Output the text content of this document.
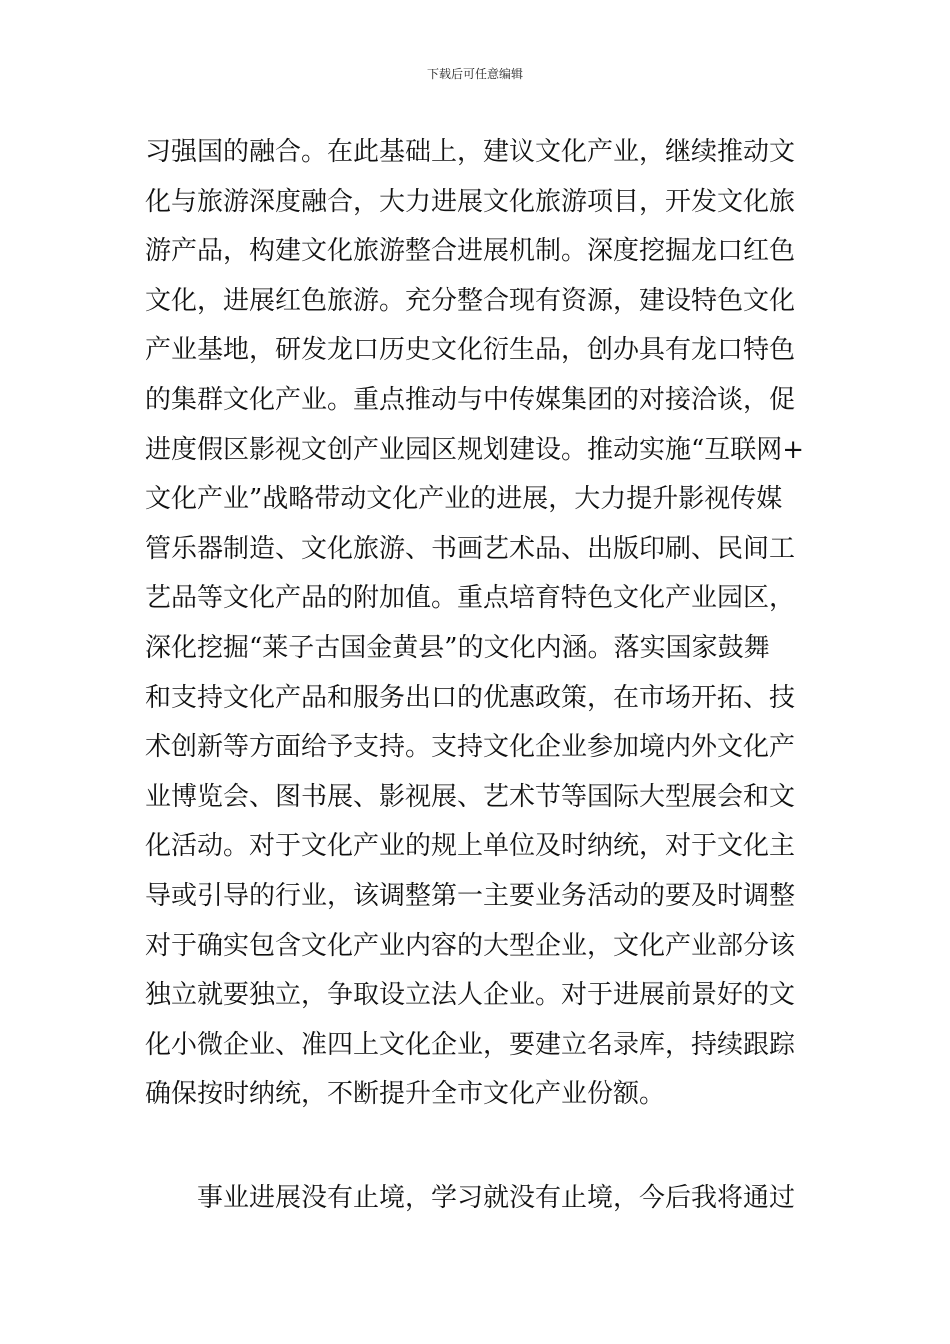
下载后可任意编辑
习强国的融合。在此基础上，建议文化产业，继续推动文
化与旅游深度融合，大力进展文化旅游项目，开发文化旅
游产品，构建文化旅游整合进展机制。深度挖掘龙口红色
文化，进展红色旅游。充分整合现有资源，建设特色文化
产业基地，研发龙口历史文化衍生品，创办具有龙口特色
的集群文化产业。重点推动与中传媒集团的对接洽谈，促
进度假区影视文创产业园区规划建设。推动实施“互联网+
文化产业”战略带动文化产业的进展，大力提升影视传媒
管乐器制造、文化旅游、书画艺术品、出版印刷、民间工
艺品等文化产品的附加值。重点培育特色文化产业园区，
深化挖掘“莱子古国金黄县”的文化内涵。落实国家鼓舞
和支持文化产品和服务出口的优惠政策，在市场开拓、技
术创新等方面给予支持。支持文化企业参加境内外文化产
业博览会、图书展、影视展、艺术节等国际大型展会和文
化活动。对于文化产业的规上单位及时纳统，对于文化主
导或引导的行业，该调整第一主要业务活动的要及时调整
对于确实包含文化产业内容的大型企业，文化产业部分该
独立就要独立，争取设立法人企业。对于进展前景好的文
化小微企业、准四上文化企业，要建立名录库，持续跟踪
确保按时纳统，不断提升全市文化产业份额。
事业进展没有止境，学习就没有止境，今后我将通过
